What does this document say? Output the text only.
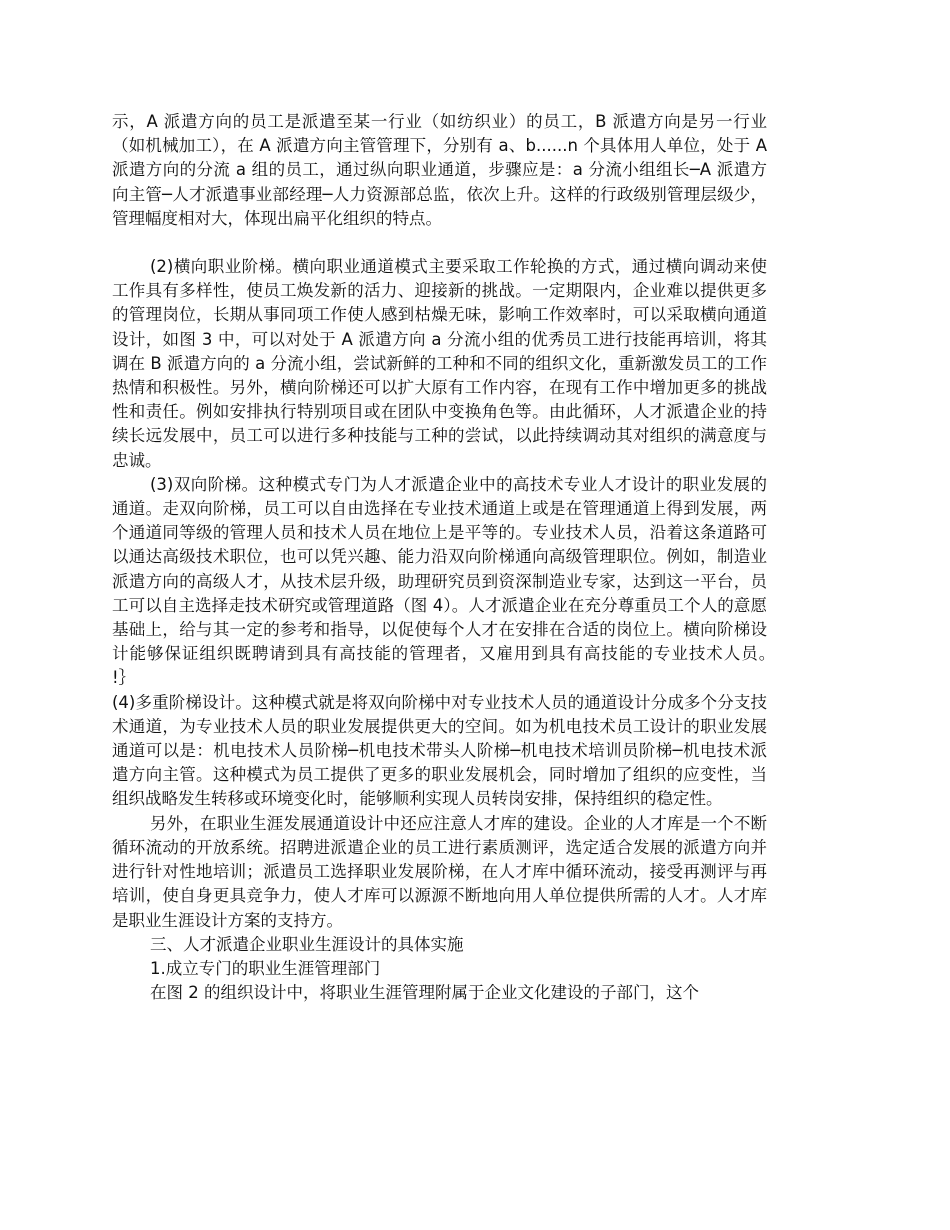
示，A 派遣方向的员工是派遣至某一行业（如纺织业）的员工，B 派遣方向是另一行业（如机械加工），在 A 派遣方向主管管理下，分别有 a、b......n 个具体用人单位，处于 A 派遣方向的分流 a 组的员工，通过纵向职业通道，步骤应是：a 分流小组组长─A 派遣方向主管─人才派遣事业部经理─人力资源部总监，依次上升。这样的行政级别管理层级少，管理幅度相对大，体现出扁平化组织的特点。

(2)横向职业阶梯。横向职业通道模式主要采取工作轮换的方式，通过横向调动来使工作具有多样性，使员工焕发新的活力、迎接新的挑战。一定期限内，企业难以提供更多的管理岗位，长期从事同项工作使人感到枯燥无味，影响工作效率时，可以采取横向通道设计，如图 3 中，可以对处于 A 派遣方向 a 分流小组的优秀员工进行技能再培训，将其调在 B 派遣方向的 a 分流小组，尝试新鲜的工种和不同的组织文化，重新激发员工的工作热情和积极性。另外，横向阶梯还可以扩大原有工作内容，在现有工作中增加更多的挑战性和责任。例如安排执行特别项目或在团队中变换角色等。由此循环，人才派遣企业的持续长远发展中，员工可以进行多种技能与工种的尝试，以此持续调动其对组织的满意度与忠诚。

(3)双向阶梯。这种模式专门为人才派遣企业中的高技术专业人才设计的职业发展的通道。走双向阶梯，员工可以自由选择在专业技术通道上或是在管理通道上得到发展，两个通道同等级的管理人员和技术人员在地位上是平等的。专业技术人员，沿着这条道路可以通达高级技术职位，也可以凭兴趣、能力沿双向阶梯通向高级管理职位。例如，制造业派遣方向的高级人才，从技术层升级，助理研究员到资深制造业专家，达到这一平台，员工可以自主选择走技术研究或管理道路（图 4）。人才派遣企业在充分尊重员工个人的意愿基础上，给与其一定的参考和指导，以促使每个人才在安排在合适的岗位上。横向阶梯设计能够保证组织既聘请到具有高技能的管理者，又雇用到具有高技能的专业技术人员。　 !｝

(4)多重阶梯设计。这种模式就是将双向阶梯中对专业技术人员的通道设计分成多个分支技术通道，为专业技术人员的职业发展提供更大的空间。如为机电技术员工设计的职业发展通道可以是：机电技术人员阶梯─机电技术带头人阶梯─机电技术培训员阶梯─机电技术派遣方向主管。这种模式为员工提供了更多的职业发展机会，同时增加了组织的应变性，当组织战略发生转移或环境变化时，能够顺利实现人员转岗安排，保持组织的稳定性。

另外，在职业生涯发展通道设计中还应注意人才库的建设。企业的人才库是一个不断循环流动的开放系统。招聘进派遣企业的员工进行素质测评，选定适合发展的派遣方向并进行针对性地培训；派遣员工选择职业发展阶梯，在人才库中循环流动，接受再测评与再培训，使自身更具竞争力，使人才库可以源源不断地向用人单位提供所需的人才。人才库是职业生涯设计方案的支持方。

三、人才派遣企业职业生涯设计的具体实施

1.成立专门的职业生涯管理部门

在图 2 的组织设计中，将职业生涯管理附属于企业文化建设的子部门，这个
